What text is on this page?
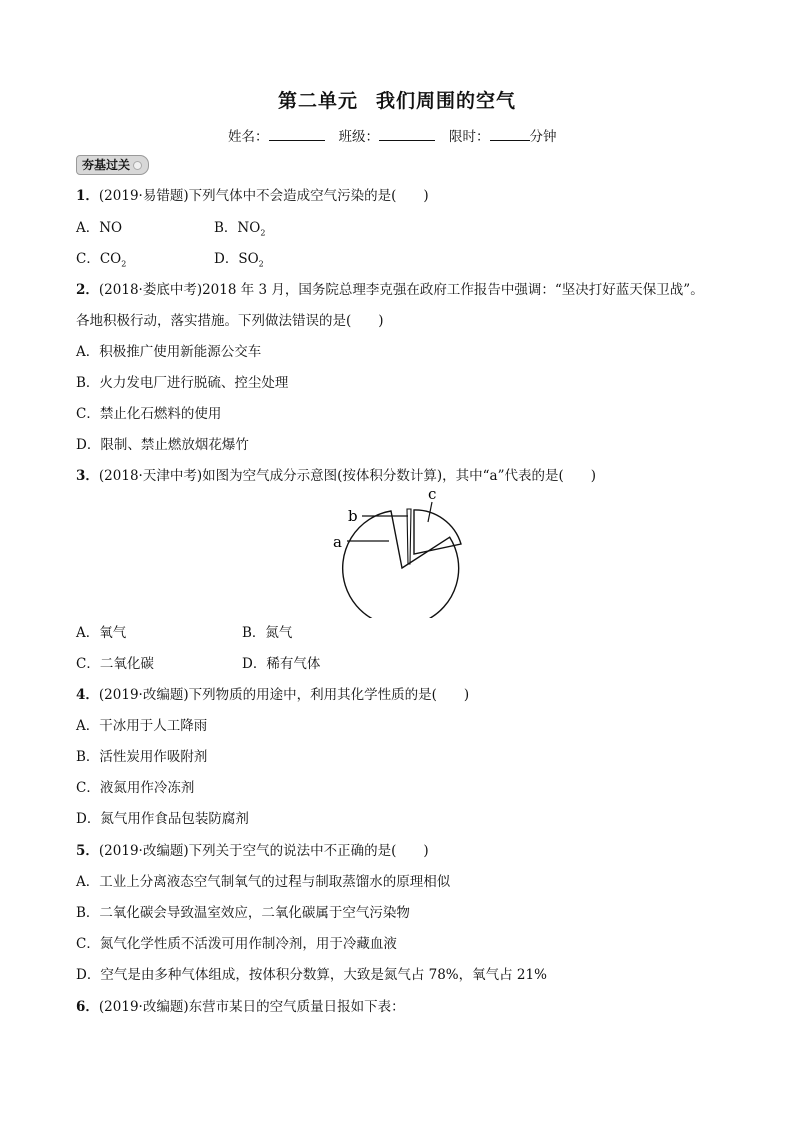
第二单元 我们周围的空气
姓名：	班级：	限时：	分钟
夯基过关
1．(2019·易错题)下列气体中不会造成空气污染的是(　　)
A．NO	B．$NO_2$
C．$CO_2$	D．$SO_2$
2．(2018·娄底中考)2018 年 3 月，国务院总理李克强在政府工作报告中强调：“坚决打好蓝天保卫战”。
各地积极行动，落实措施。下列做法错误的是(　　)
A．积极推广使用新能源公交车
B．火力发电厂进行脱硫、控尘处理
C．禁止化石燃料的使用
D．限制、禁止燃放烟花爆竹
3．(2018·天津中考)如图为空气成分示意图(按体积分数计算)，其中“a”代表的是(　　)
b
a
c
A．氧气	B．氮气
C．二氧化碳	D．稀有气体
4．(2019·改编题)下列物质的用途中，利用其化学性质的是(　　)
A．干冰用于人工降雨
B．活性炭用作吸附剂
C．液氮用作冷冻剂
D．氮气用作食品包装防腐剂
5．(2019·改编题)下列关于空气的说法中不正确的是(　　)
A．工业上分离液态空气制氧气的过程与制取蒸馏水的原理相似
B．二氧化碳会导致温室效应，二氧化碳属于空气污染物
C．氮气化学性质不活泼可用作制冷剂，用于冷藏血液
D．空气是由多种气体组成，按体积分数算，大致是氮气占 78%，氧气占 21%
6．(2019·改编题)东营市某日的空气质量日报如下表：
